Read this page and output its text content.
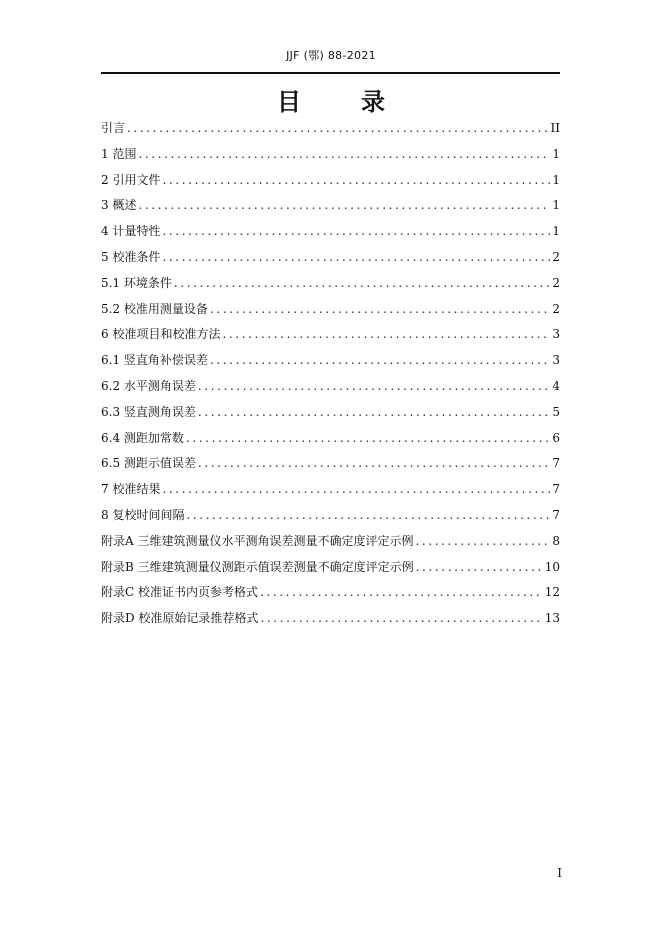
JJF (鄂) 88-2021
目	录
引言 .....	II
1 范围 .....	1
2 引用文件 .....	1
3 概述 .....	1
4 计量特性 .....	1
5 校准条件 .....	2
5.1 环境条件 .....	2
5.2 校准用测量设备 .....	2
6 校准项目和校准方法 .....	3
6.1 竖直角补偿误差 .....	3
6.2 水平测角误差 .....	4
6.3 竖直测角误差 .....	5
6.4 测距加常数 .....	6
6.5 测距示值误差 .....	7
7 校准结果 .....	7
8 复校时间间隔 .....	7
附录A 三维建筑测量仪水平测角误差测量不确定度评定示例 .....	8
附录B 三维建筑测量仪测距示值误差测量不确定度评定示例 .....	10
附录C 校准证书内页参考格式 .....	12
附录D 校准原始记录推荐格式 .....	13
I
